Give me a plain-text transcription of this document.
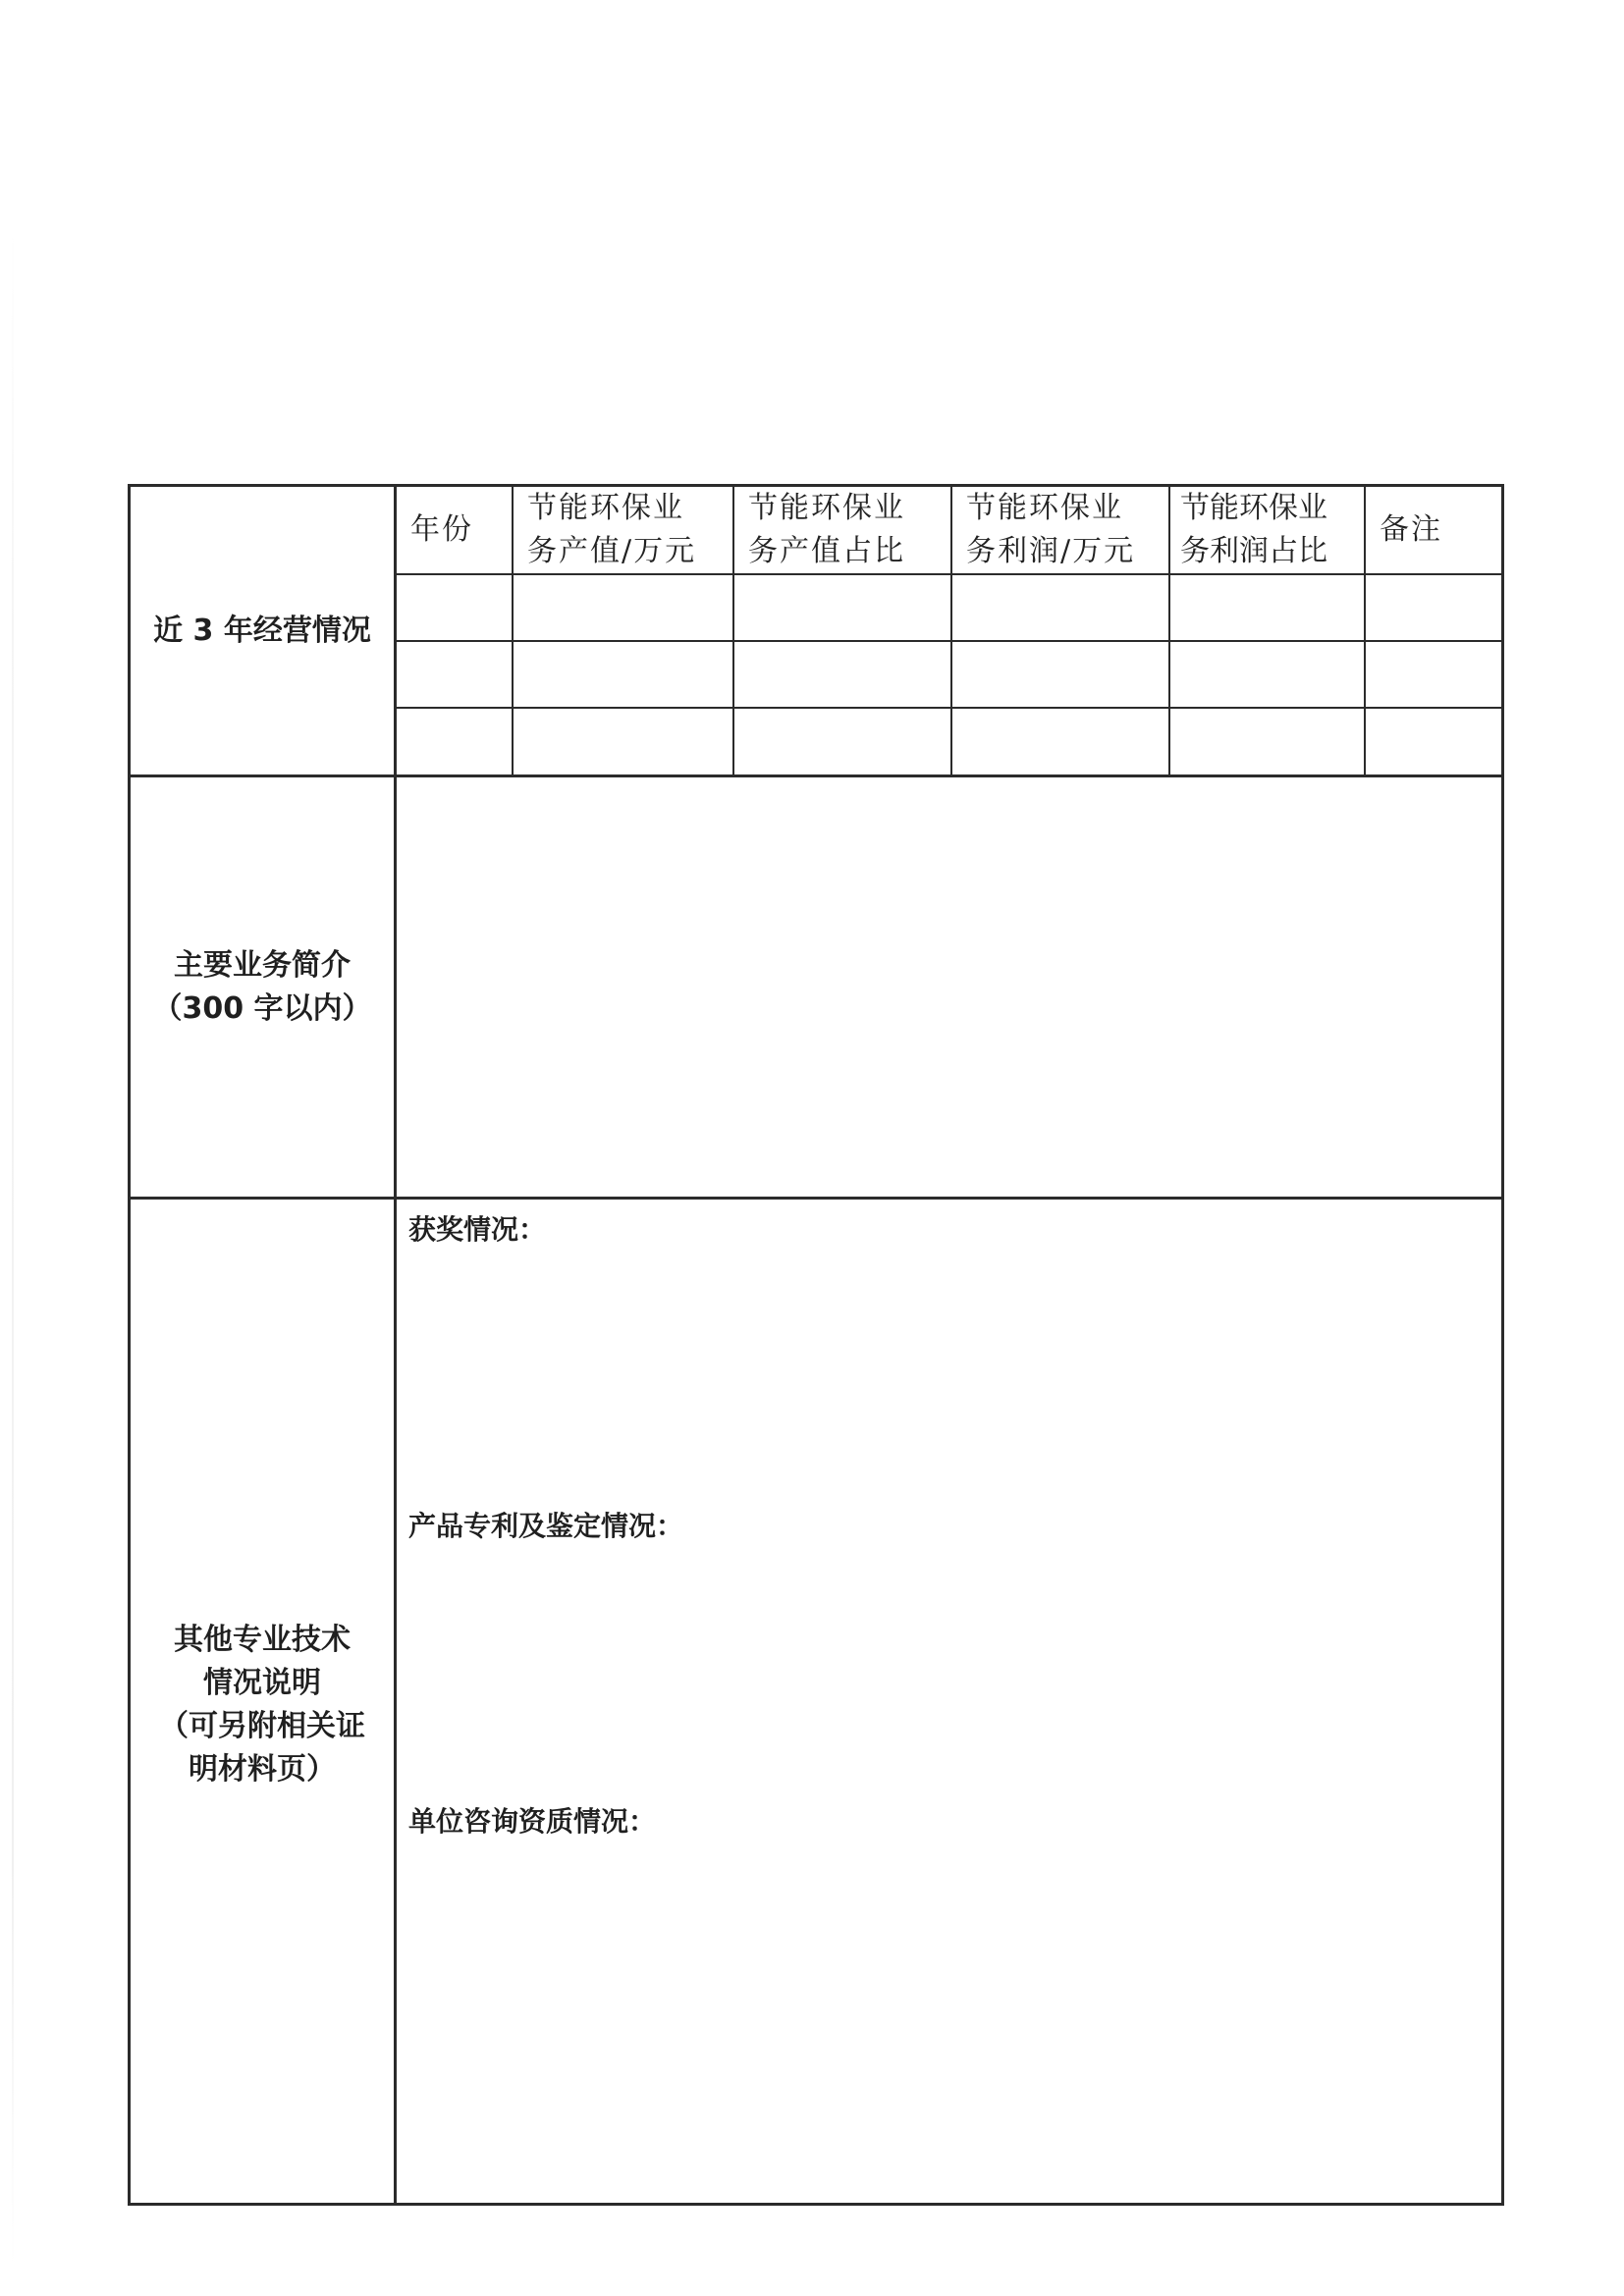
近 3 年经营情况
年份
节能环保业
务产值/万元
节能环保业
务产值占比
节能环保业
务利润/万元
节能环保业
务利润占比
备注
主要业务简介
（300 字以内）
其他专业技术
情况说明
（可另附相关证
明材料页）
获奖情况：
产品专利及鉴定情况：
单位咨询资质情况：
